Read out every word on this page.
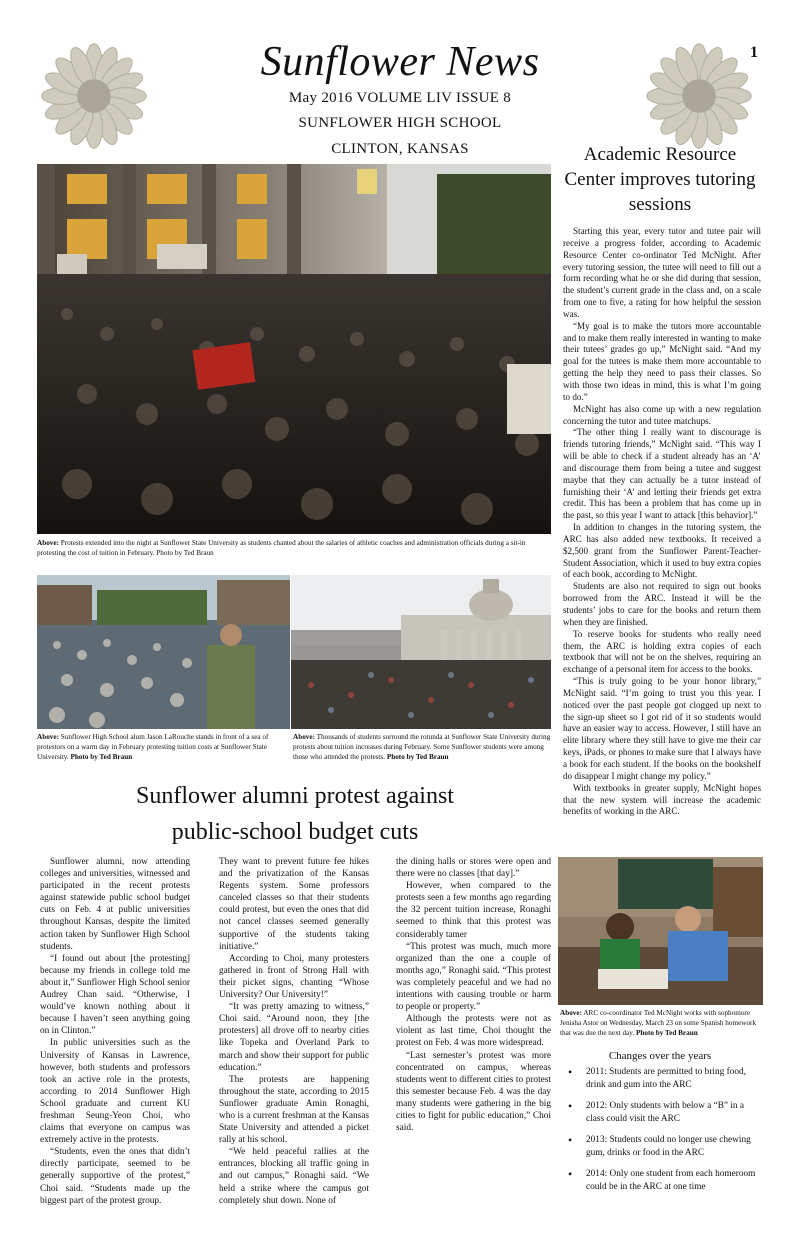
Sunflower News	1
May 2016 VOLUME LIV ISSUE 8
SUNFLOWER HIGH SCHOOL
CLINTON, KANSAS
Above: Protests extended into the night at Sunflower State University as students chanted about the salaries of athletic coaches and administration officials during a sit-in protesting the cost of tuition in February. Photo by Ted Braun
Above: Sunflower High School alum Jason LaRouche stands in front of a sea of protestors on a warm day in February protesting tuition costs at Sunflower State University. Photo by Ted Braun
Above: Thousands of students surround the rotunda at Sunflower State University during protests about tuition increases during February. Some Sunflower students were among those who attended the protests. Photo by Ted Braun
Sunflower alumni protest against
public-school budget cuts

Sunflower alumni, now attending colleges and universities, witnessed and participated in the recent protests against statewide public school budget cuts on Feb. 4 at public universities throughout Kansas, despite the limited action taken by Sunflower High School students.

“I found out about [the protesting] because my friends in college told me about it,” Sunflower High School senior Audrey Chan said. “Otherwise, I would’ve known nothing about it because I haven’t seen anything going on in Clinton.”

In public universities such as the University of Kansas in Lawrence, however, both students and professors took an active role in the protests, according to 2014 Sunflower High School graduate and current KU freshman Seung-Yeon Choi, who claims that everyone on campus was extremely active in the protests.

“Students, even the ones that didn’t directly participate, seemed to be generally supportive of the protest,” Choi said. “Students made up the biggest part of the protest group.

They want to prevent future fee hikes and the privatization of the Kansas Regents system. Some professors canceled classes so that their students could protest, but even the ones that did not cancel classes seemed generally supportive of the students taking initiative.”

According to Choi, many protesters gathered in front of Strong Hall with their picket signs, chanting “Whose University? Our University!”

“It was pretty amazing to witness,” Choi said. “Around noon, they [the protesters] all drove off to nearby cities like Topeka and Overland Park to march and show their support for public education.”

The protests are happening throughout the state, according to 2015 Sunflower graduate Amin Ronaghi, who is a current freshman at the Kansas State University and attended a picket rally at his school.

“We held peaceful rallies at the entrances, blocking all traffic going in and out campus,” Ronaghi said. “We held a strike where the campus got completely shut down. None of

the dining halls or stores were open and there were no classes [that day].”

However, when compared to the protests seen a few months ago regarding the 32 percent tuition increase, Ronaghi seemed to think that this protest was considerably tamer

“This protest was much, much more organized than the one a couple of months ago,” Ronaghi said. “This protest was completely peaceful and we had no intentions with causing trouble or harm to people or property.”

Although the protests were not as violent as last time, Choi thought the protest on Feb. 4 was more widespread.

“Last semester’s protest was more concentrated on campus, whereas students went to different cities to protest this semester because Feb. 4 was the day many students were gathering in the big cities to fight for public education,” Choi said.

Academic Resource Center improves tutoring sessions

Starting this year, every tutor and tutee pair will receive a progress folder, according to Academic Resource Center co-ordinator Ted McNight. After every tutoring session, the tutee will need to fill out a form recording what he or she did during that session, the student’s current grade in the class and, on a scale from one to five, a rating for how helpful the session was.

“My goal is to make the tutors more accountable and to make them really interested in wanting to make their tutees’ grades go up,” McNight said. “And my goal for the tutees is make them more accountable to getting the help they need to pass their classes. So with those two ideas in mind, this is what I’m going to do.”

McNight has also come up with a new regulation concerning the tutor and tutee matchups.

“The other thing I really want to discourage is friends tutoring friends,” McNight said. “This way I will be able to check if a student already has an ‘A’ and discourage them from being a tutee and suggest maybe that they can actually be a tutor instead of furnishing their ‘A’ and letting their friends get extra credit. This has been a problem that has come up in the past, so this year I want to attack [this behavior].”

In addition to changes in the tutoring system, the ARC has also added new textbooks. It received a $2,500 grant from the Sunflower Parent-Teacher-Student Association, which it used to buy extra copies of each book, according to McNight.

Students are also not required to sign out books borrowed from the ARC. Instead it will be the students’ jobs to care for the books and return them when they are finished.

To reserve books for students who really need them, the ARC is holding extra copies of each textbook that will not be on the shelves, requiring an exchange of a personal item for access to the books.

“This is truly going to be your honor library,” McNight said. “I’m going to trust you this year. I noticed over the past people got clogged up next to the sign-up sheet so I got rid of it so students would have an easier way to access. However, I still have an elite library where they still have to give me their car keys, iPads, or phones to make sure that I always have a book for each student. If the books on the bookshelf do disappear I might change my policy.”

With textbooks in greater supply, McNight hopes that the new system will increase the academic benefits of working in the ARC.

Above: ARC co-coordinator Ted McNight works with sophomore Jenisha Astor on Wednesday, March 23 on some Spanish homework that was due the next day. Photo by Ted Braun
Changes over the years
• 2011: Students are permitted to bring food, drink and gum into the ARC
• 2012: Only students with below a “B” in a class could visit the ARC
• 2013: Students could no longer use chewing gum, drinks or food in the ARC
• 2014: Only one student from each homeroom could be in the ARC at one time
